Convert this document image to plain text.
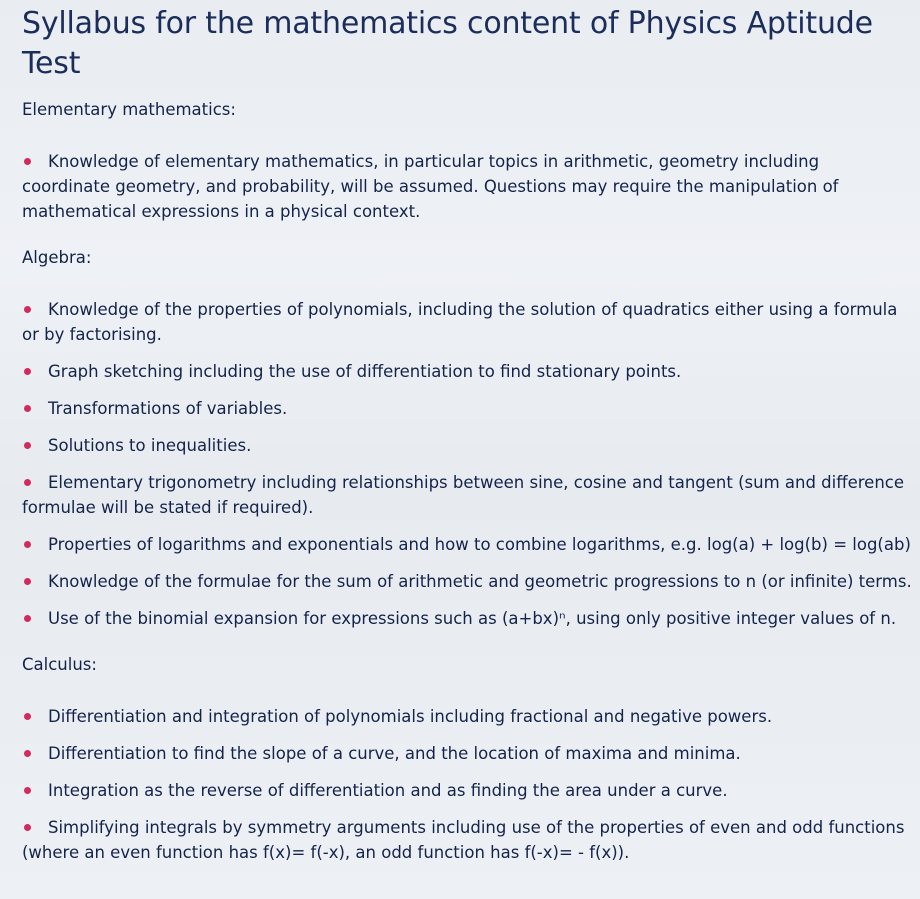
Syllabus for the mathematics content of Physics Aptitude Test
Elementary mathematics:
Knowledge of elementary mathematics, in particular topics in arithmetic, geometry including coordinate geometry, and probability, will be assumed. Questions may require the manipulation of mathematical expressions in a physical context.
Algebra:
Knowledge of the properties of polynomials, including the solution of quadratics either using a formula or by factorising.
Graph sketching including the use of differentiation to find stationary points.
Transformations of variables.
Solutions to inequalities.
Elementary trigonometry including relationships between sine, cosine and tangent (sum and difference formulae will be stated if required).
Properties of logarithms and exponentials and how to combine logarithms, e.g. log(a) + log(b) = log(ab)
Knowledge of the formulae for the sum of arithmetic and geometric progressions to n (or infinite) terms.
Use of the binomial expansion for expressions such as (a+bx)ⁿ, using only positive integer values of n.
Calculus:
Differentiation and integration of polynomials including fractional and negative powers.
Differentiation to find the slope of a curve, and the location of maxima and minima.
Integration as the reverse of differentiation and as finding the area under a curve.
Simplifying integrals by symmetry arguments including use of the properties of even and odd functions (where an even function has f(x)= f(-x), an odd function has f(-x)= - f(x)).
